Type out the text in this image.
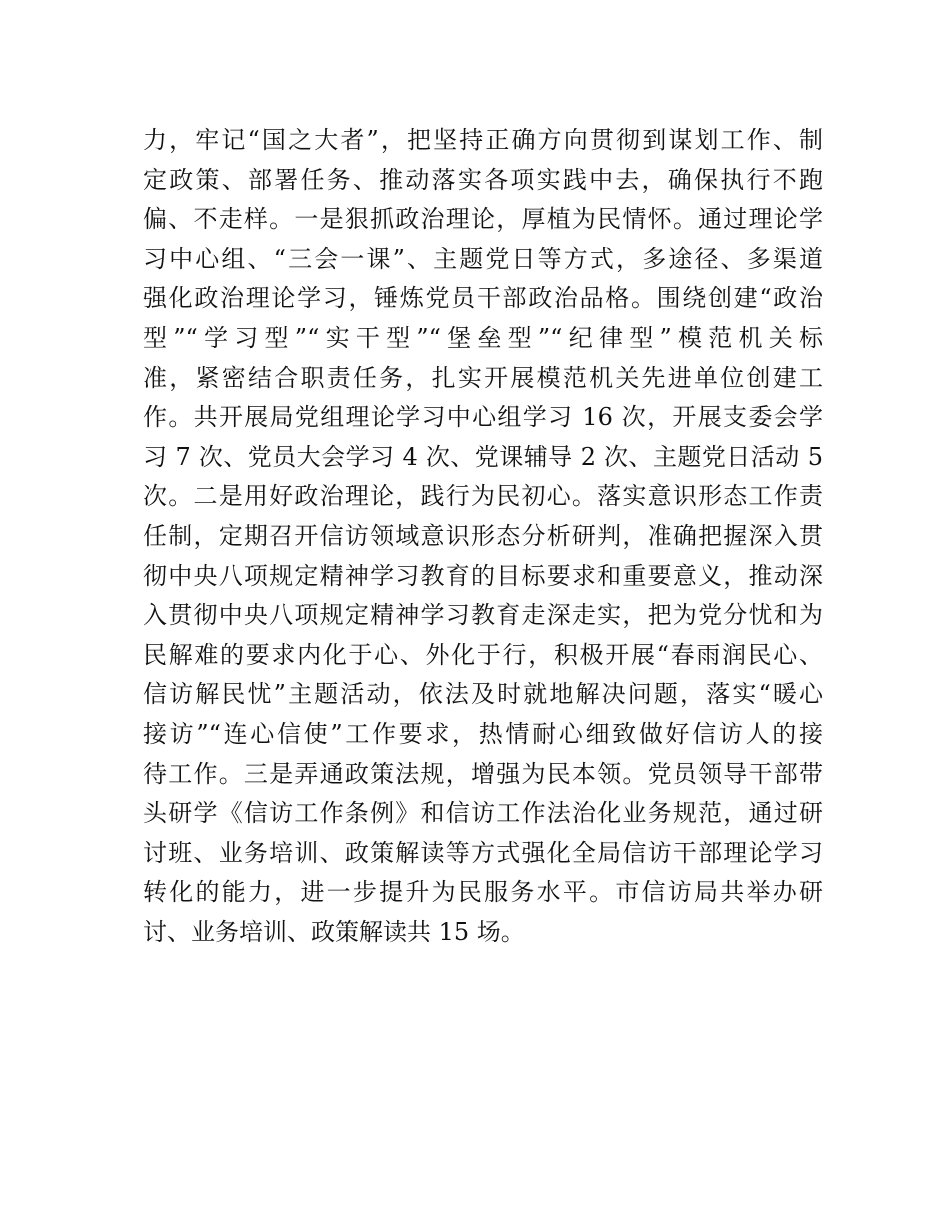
力，牢记“国之大者”，把坚持正确方向贯彻到谋划工作、制
定政策、部署任务、推动落实各项实践中去，确保执行不跑
偏、不走样。一是狠抓政治理论，厚植为民情怀。通过理论学
习中心组、“三会一课”、主题党日等方式，多途径、多渠道
强化政治理论学习，锤炼党员干部政治品格。围绕创建“政治
型”“学习型”“实干型”“堡垒型”“纪律型”模范机关标
准，紧密结合职责任务，扎实开展模范机关先进单位创建工
作。共开展局党组理论学习中心组学习 16 次，开展支委会学
习 7 次、党员大会学习 4 次、党课辅导 2 次、主题党日活动 5
次。二是用好政治理论，践行为民初心。落实意识形态工作责
任制，定期召开信访领域意识形态分析研判，准确把握深入贯
彻中央八项规定精神学习教育的目标要求和重要意义，推动深
入贯彻中央八项规定精神学习教育走深走实，把为党分忧和为
民解难的要求内化于心、外化于行，积极开展“春雨润民心、
信访解民忧”主题活动，依法及时就地解决问题，落实“暖心
接访”“连心信使”工作要求，热情耐心细致做好信访人的接
待工作。三是弄通政策法规，增强为民本领。党员领导干部带
头研学《信访工作条例》和信访工作法治化业务规范，通过研
讨班、业务培训、政策解读等方式强化全局信访干部理论学习
转化的能力，进一步提升为民服务水平。市信访局共举办研
讨、业务培训、政策解读共 15 场。
